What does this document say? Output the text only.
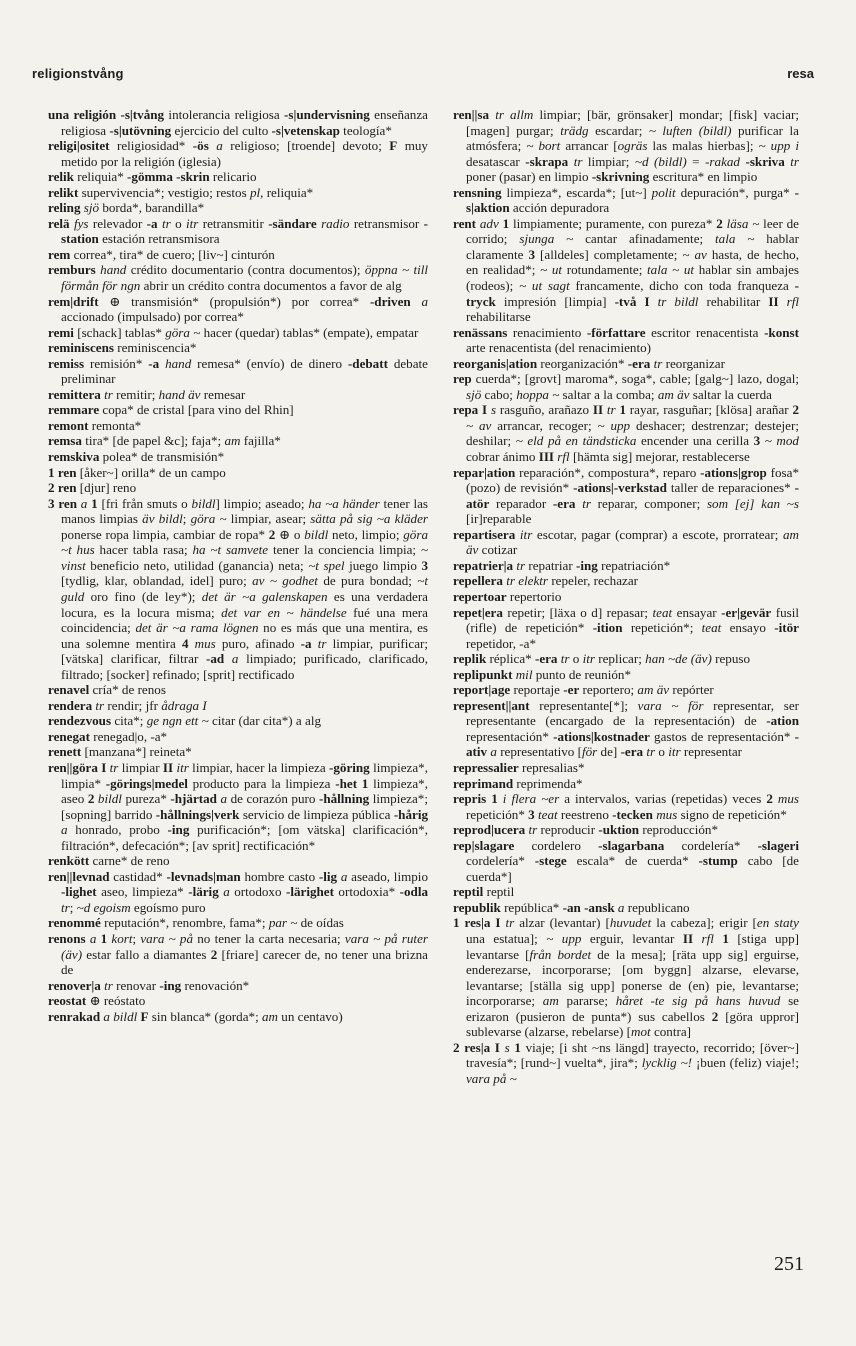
religionstvång	resa

una religión -s|tvång intolerancia religiosa -s|undervisning enseñanza religiosa -s|utövning ejercicio del culto -s|vetenskap teología*

religi|ositet religiosidad* -ös a religioso; [troende] devoto; F muy metido por la religión (iglesia)

relik reliquia* -gömma -skrin relicario

relikt supervivencia*; vestigio; restos pl, reliquia*

reling sjö borda*, barandilla*

relä fys relevador -a tr o itr retransmitir -sändare radio retransmisor -station estación retransmisora

rem correa*, tira* de cuero; [liv~] cinturón

remburs hand crédito documentario (contra documentos); öppna ~ till förmån för ngn abrir un crédito contra documentos a favor de alg

rem|drift ⊕ transmisión* (propulsión*) por correa* -driven a accionado (impulsado) por correa*

remi [schack] tablas* göra ~ hacer (quedar) tablas* (empate), empatar

reminiscens reminiscencia*

remiss remisión* -a hand remesa* (envío) de dinero -debatt debate preliminar

remittera tr remitir; hand äv remesar

remmare copa* de cristal [para vino del Rhin]

remont remonta*

remsa tira* [de papel &c]; faja*; am fajilla*

remskiva polea* de transmisión*

1 ren [åker~] orilla* de un campo

2 ren [djur] reno

3 ren a 1 [fri från smuts o bildl] limpio; aseado; ha ~a händer tener las manos limpias äv bildl; göra ~ limpiar, asear; sätta på sig ~a kläder ponerse ropa limpia, cambiar de ropa* 2 ⊕ o bildl neto, limpio; göra ~t hus hacer tabla rasa; ha ~t samvete tener la conciencia limpia; ~ vinst beneficio neto, utilidad (ganancia) neta; ~t spel juego limpio 3 [tydlig, klar, oblandad, idel] puro; av ~ godhet de pura bondad; ~t guld oro fino (de ley*); det är ~a galenskapen es una verdadera locura, es la locura misma; det var en ~ händelse fué una mera coincidencia; det är ~a rama lögnen no es más que una mentira, es una solemne mentira 4 mus puro, afinado -a tr limpiar, purificar; [vätska] clarificar, filtrar -ad a limpiado; purificado, clarificado, filtrado; [socker] refinado; [sprit] rectificado

renavel cría* de renos

rendera tr rendir; jfr ådraga I

rendezvous cita*; ge ngn ett ~ citar (dar cita*) a alg

renegat renegad|o, -a*

renett [manzana*] reineta*

ren||göra I tr limpiar II itr limpiar, hacer la limpieza -göring limpieza*, limpia* -görings|medel producto para la limpieza -het 1 limpieza*, aseo 2 bildl pureza* -hjärtad a de corazón puro -hållning limpieza*; [sopning] barrido -hållnings|verk servicio de limpieza pública -hårig a honrado, probo -ing purificación*; [om vätska] clarificación*, filtración*, defecación*; [av sprit] rectificación*

renkött carne* de reno

ren||levnad castidad* -levnads|man hombre casto -lig a aseado, limpio -lighet aseo, limpieza* -lärig a ortodoxo -lärighet ortodoxia* -odla tr; ~d egoism egoísmo puro

renommé reputación*, renombre, fama*; par ~ de oídas

renons a 1 kort; vara ~ på no tener la carta necesaria; vara ~ på ruter (äv) estar fallo a diamantes 2 [friare] carecer de, no tener una brizna de

renover|a tr renovar -ing renovación*

reostat ⊕ reóstato

renrakad a bildl F sin blanca* (gorda*; am un centavo)

ren||sa tr allm limpiar; [bär, grönsaker] mondar; [fisk] vaciar; [magen] purgar; trädg escardar; ~ luften (bildl) purificar la atmósfera; ~ bort arrancar [ogräs las malas hierbas]; ~ upp i desatascar -skrapa tr limpiar; ~d (bildl) = -rakad -skriva tr poner (pasar) en limpio -skrivning escritura* en limpio

rensning limpieza*, escarda*; [ut~] polit depuración*, purga* -s|aktion acción depuradora

rent adv 1 limpiamente; puramente, con pureza* 2 läsa ~ leer de corrido; sjunga ~ cantar afinadamente; tala ~ hablar claramente 3 [alldeles] completamente; ~ av hasta, de hecho, en realidad*; ~ ut rotundamente; tala ~ ut hablar sin ambajes (rodeos); ~ ut sagt francamente, dicho con toda franqueza -tryck impresión [limpia] -två I tr bildl rehabilitar II rfl rehabilitarse

renässans renacimiento -författare escritor renacentista -konst arte renacentista (del renacimiento)

reorganis|ation reorganización* -era tr reorganizar

rep cuerda*; [grovt] maroma*, soga*, cable; [galg~] lazo, dogal; sjö cabo; hoppa ~ saltar a la comba; am äv saltar la cuerda

repa I s rasguño, arañazo II tr 1 rayar, rasguñar; [klösa] arañar 2 ~ av arrancar, recoger; ~ upp deshacer; destrenzar; destejer; deshilar; ~ eld på en tändsticka encender una cerilla 3 ~ mod cobrar ánimo III rfl [hämta sig] mejorar, restablecerse

repar|ation reparación*, compostura*, reparo -ations|grop fosa* (pozo) de revisión* -ations|-verkstad taller de reparaciones* -atör reparador -era tr reparar, componer; som [ej] kan ~s [ir]reparable

repartisera itr escotar, pagar (comprar) a escote, prorratear; am äv cotizar

repatrier|a tr repatriar -ing repatriación*

repellera tr elektr repeler, rechazar

repertoar repertorio

repet|era repetir; [läxa o d] repasar; teat ensayar -er|gevär fusil (rifle) de repetición* -ition repetición*; teat ensayo -itör repetidor, -a*

replik réplica* -era tr o itr replicar; han ~de (äv) repuso

replipunkt mil punto de reunión*

report|age reportaje -er reportero; am äv repórter

represent||ant representante[*]; vara ~ för representar, ser representante (encargado de la representación) de -ation representación* -ations|kostnader gastos de representación* -ativ a representativo [för de] -era tr o itr representar

repressalier represalias*

reprimand reprimenda*

repris 1 i flera ~er a intervalos, varias (repetidas) veces 2 mus repetición* 3 teat reestreno -tecken mus signo de repetición*

reprod|ucera tr reproducir -uktion reproducción*

rep|slagare cordelero -slagarbana cordelería* -slageri cordelería* -stege escala* de cuerda* -stump cabo [de cuerda*]

reptil reptil

republik república* -an -ansk a republicano

1 res|a I tr alzar (levantar) [huvudet la cabeza]; erigir [en staty una estatua]; ~ upp erguir, levantar II rfl 1 [stiga upp] levantarse [från bordet de la mesa]; [räta upp sig] erguirse, enderezarse, incorporarse; [om byggn] alzarse, elevarse, levantarse; [ställa sig upp] ponerse de (en) pie, levantarse; incorporarse; am pararse; håret -te sig på hans huvud se erizaron (pusieron de punta*) sus cabellos 2 [göra uppror] sublevarse (alzarse, rebelarse) [mot contra]

2 res|a I s 1 viaje; [i sht ~ns längd] trayecto, recorrido; [över~] travesía*; [rund~] vuelta*, jira*; lycklig ~! ¡buen (feliz) viaje!; vara på ~

251
